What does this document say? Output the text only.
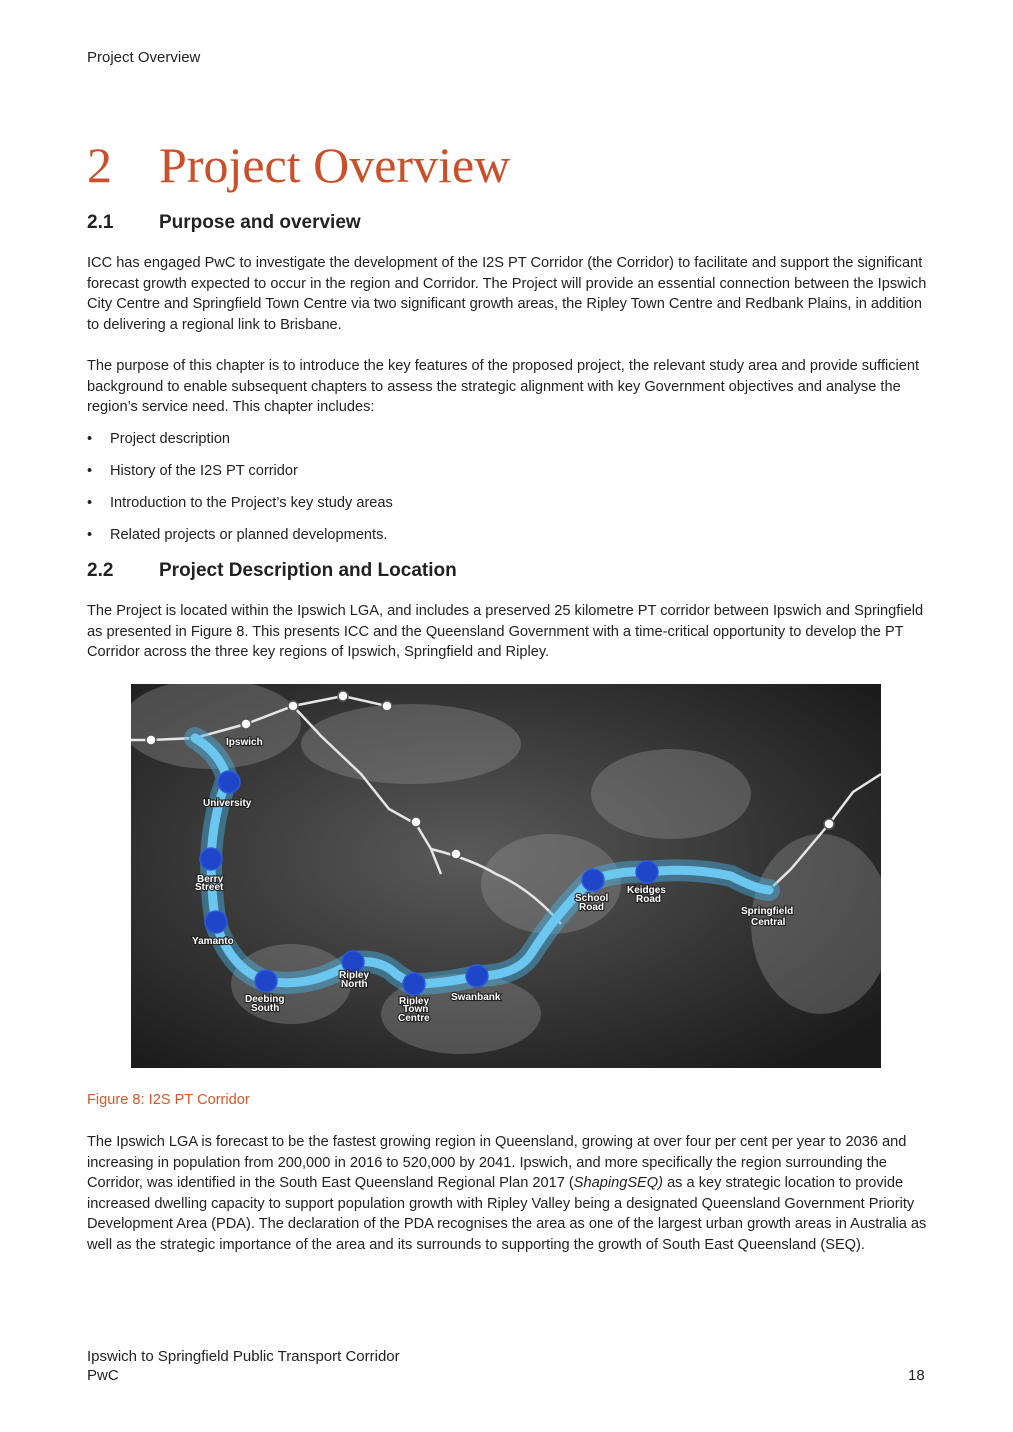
Project Overview
2 Project Overview
2.1 Purpose and overview
ICC has engaged PwC to investigate the development of the I2S PT Corridor (the Corridor) to facilitate and support the significant forecast growth expected to occur in the region and Corridor. The Project will provide an essential connection between the Ipswich City Centre and Springfield Town Centre via two significant growth areas, the Ripley Town Centre and Redbank Plains, in addition to delivering a regional link to Brisbane.
The purpose of this chapter is to introduce the key features of the proposed project, the relevant study area and provide sufficient background to enable subsequent chapters to assess the strategic alignment with key Government objectives and analyse the region’s service need. This chapter includes:
• Project description
• History of the I2S PT corridor
• Introduction to the Project’s key study areas
• Related projects or planned developments.
2.2 Project Description and Location
The Project is located within the Ipswich LGA, and includes a preserved 25 kilometre PT corridor between Ipswich and Springfield as presented in Figure 8. This presents ICC and the Queensland Government with a time-critical opportunity to develop the PT Corridor across the three key regions of Ipswich, Springfield and Ripley.
Ipswich
University
Berry
Street
Yamanto
Deebing
South
Ripley
North
Ripley
Town
Centre
Swanbank
School
Road
Keidges
Road
Springfield
Central
Figure 8: I2S PT Corridor
The Ipswich LGA is forecast to be the fastest growing region in Queensland, growing at over four per cent per year to 2036 and increasing in population from 200,000 in 2016 to 520,000 by 2041. Ipswich, and more specifically the region surrounding the Corridor, was identified in the South East Queensland Regional Plan 2017 (ShapingSEQ) as a key strategic location to provide increased dwelling capacity to support population growth with Ripley Valley being a designated Queensland Government Priority Development Area (PDA). The declaration of the PDA recognises the area as one of the largest urban growth areas in Australia as well as the strategic importance of the area and its surrounds to supporting the growth of South East Queensland (SEQ).
Ipswich to Springfield Public Transport Corridor
PwC	18
